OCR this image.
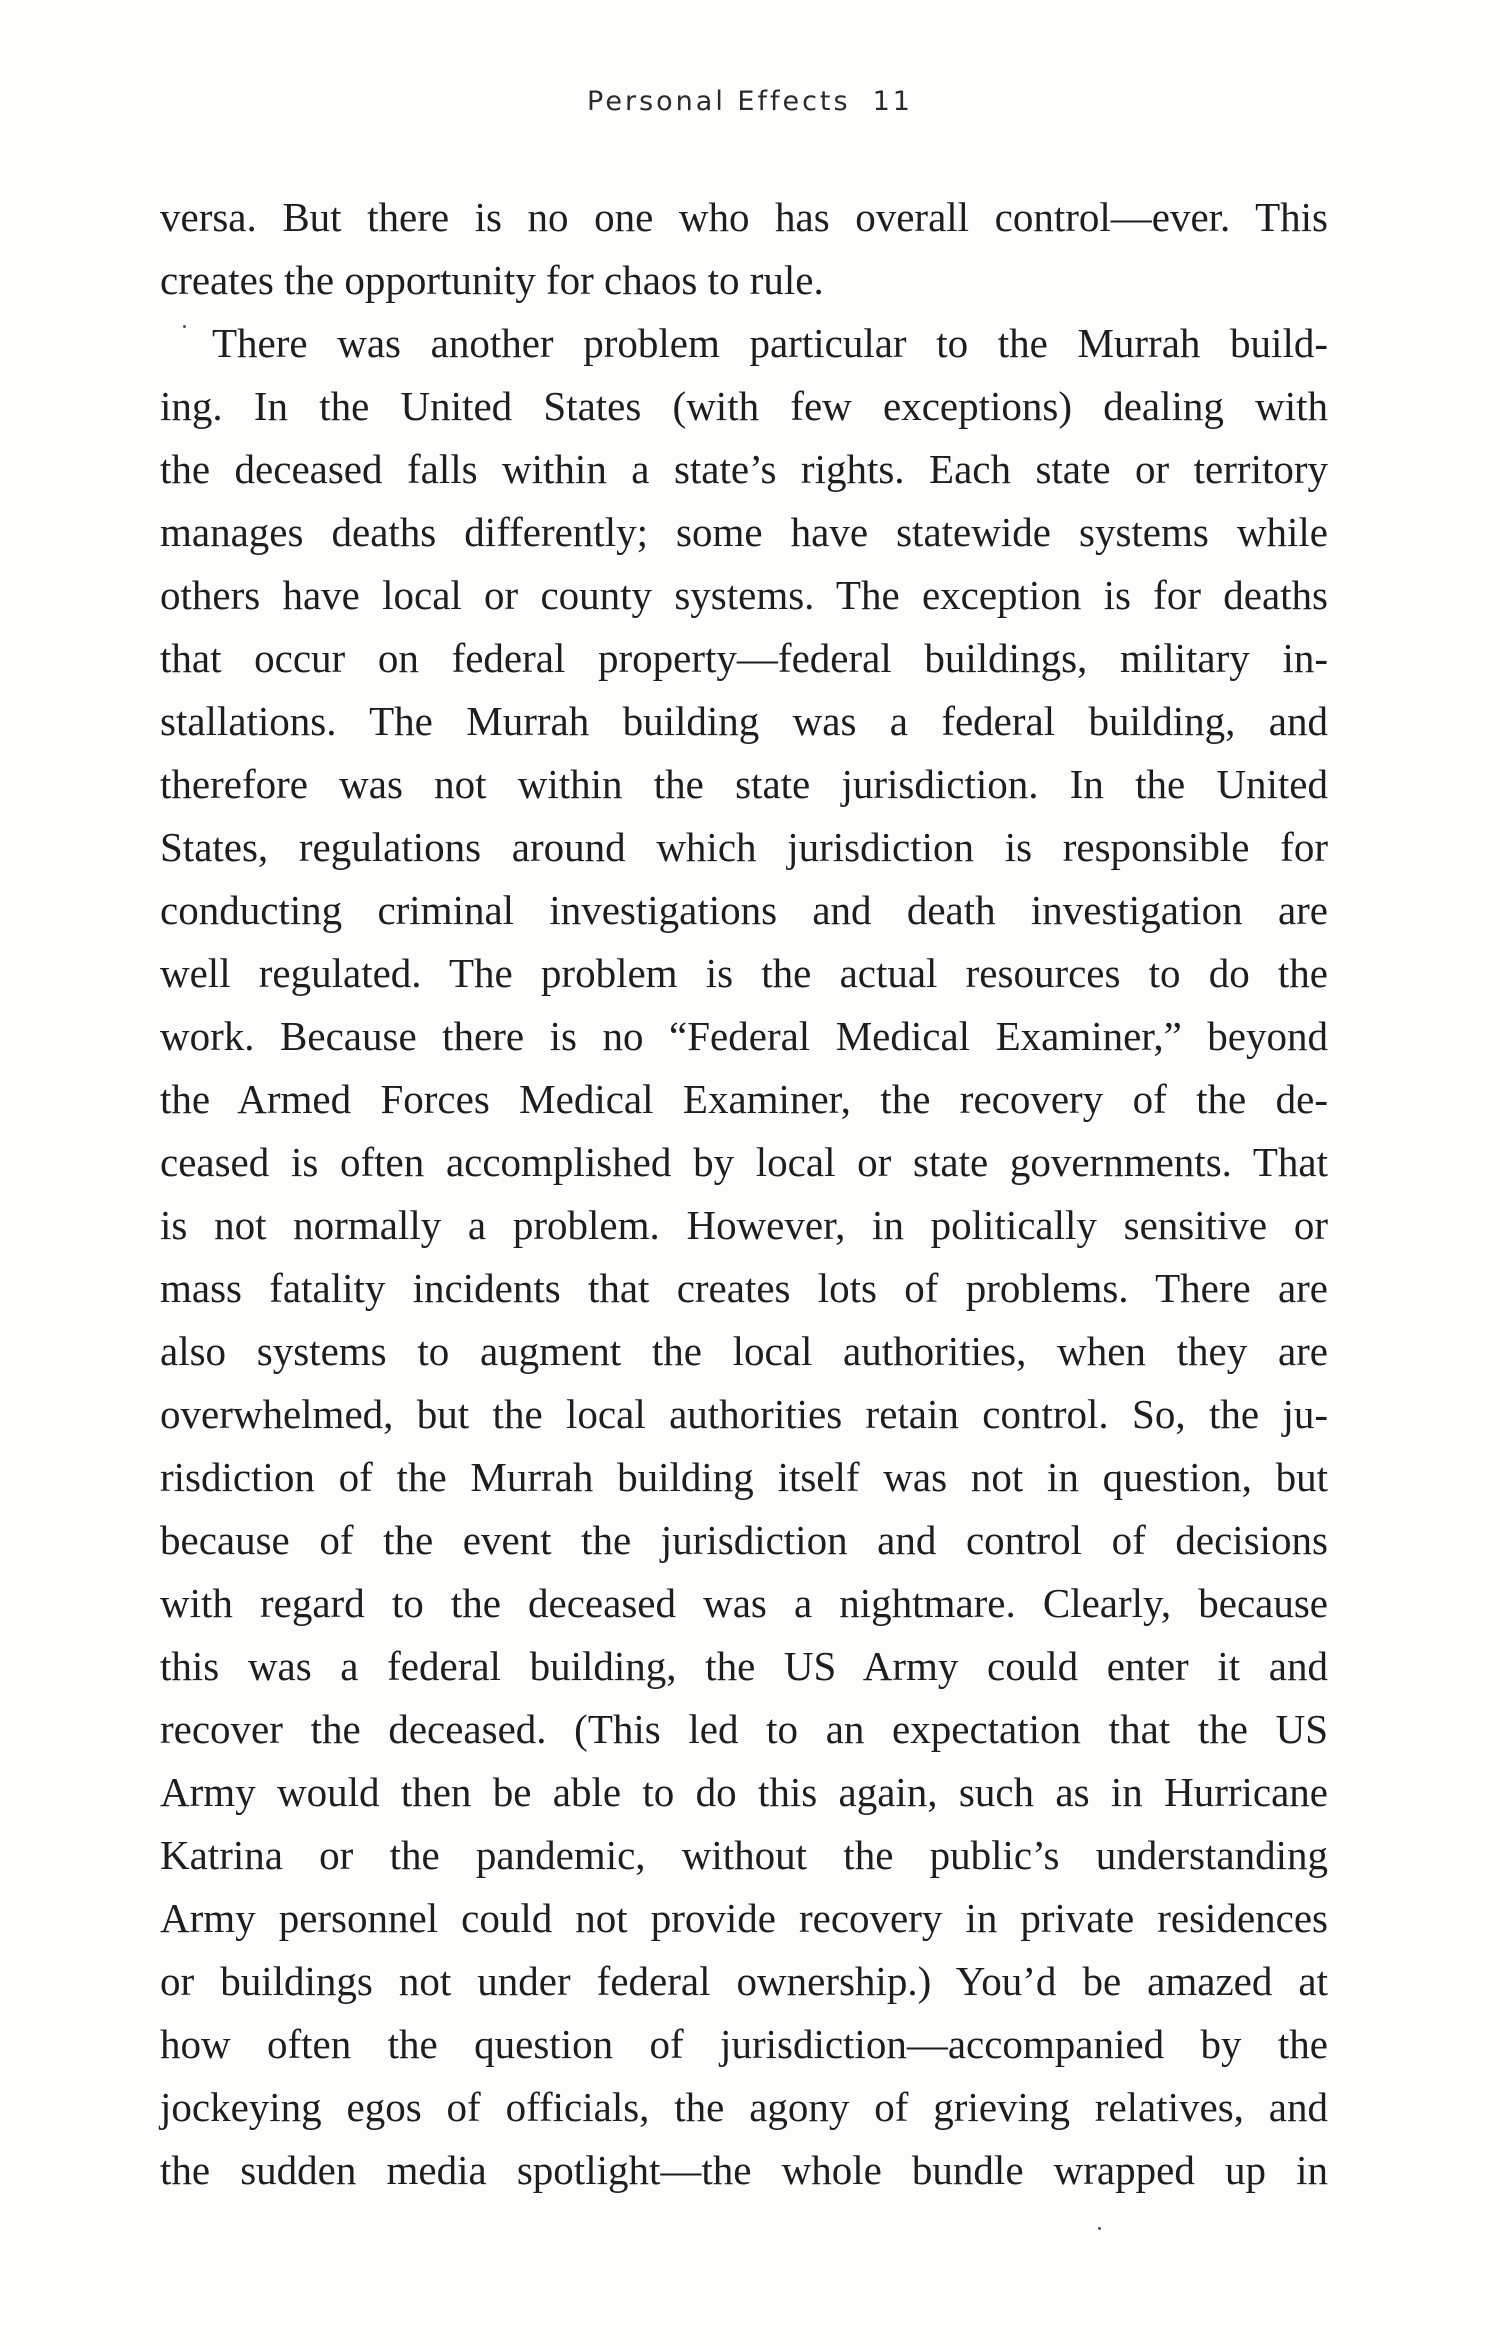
Personal Effects 11
versa. But there is no one who has overall control—ever. This
creates the opportunity for chaos to rule.
There was another problem particular to the Murrah build-
ing. In the United States (with few exceptions) dealing with
the deceased falls within a state’s rights. Each state or territory
manages deaths differently; some have statewide systems while
others have local or county systems. The exception is for deaths
that occur on federal property—federal buildings, military in-
stallations. The Murrah building was a federal building, and
therefore was not within the state jurisdiction. In the United
States, regulations around which jurisdiction is responsible for
conducting criminal investigations and death investigation are
well regulated. The problem is the actual resources to do the
work. Because there is no “Federal Medical Examiner,” beyond
the Armed Forces Medical Examiner, the recovery of the de-
ceased is often accomplished by local or state governments. That
is not normally a problem. However, in politically sensitive or
mass fatality incidents that creates lots of problems. There are
also systems to augment the local authorities, when they are
overwhelmed, but the local authorities retain control. So, the ju-
risdiction of the Murrah building itself was not in question, but
because of the event the jurisdiction and control of decisions
with regard to the deceased was a nightmare. Clearly, because
this was a federal building, the US Army could enter it and
recover the deceased. (This led to an expectation that the US
Army would then be able to do this again, such as in Hurricane
Katrina or the pandemic, without the public’s understanding
Army personnel could not provide recovery in private residences
or buildings not under federal ownership.) You’d be amazed at
how often the question of jurisdiction—accompanied by the
jockeying egos of officials, the agony of grieving relatives, and
the sudden media spotlight—the whole bundle wrapped up in
